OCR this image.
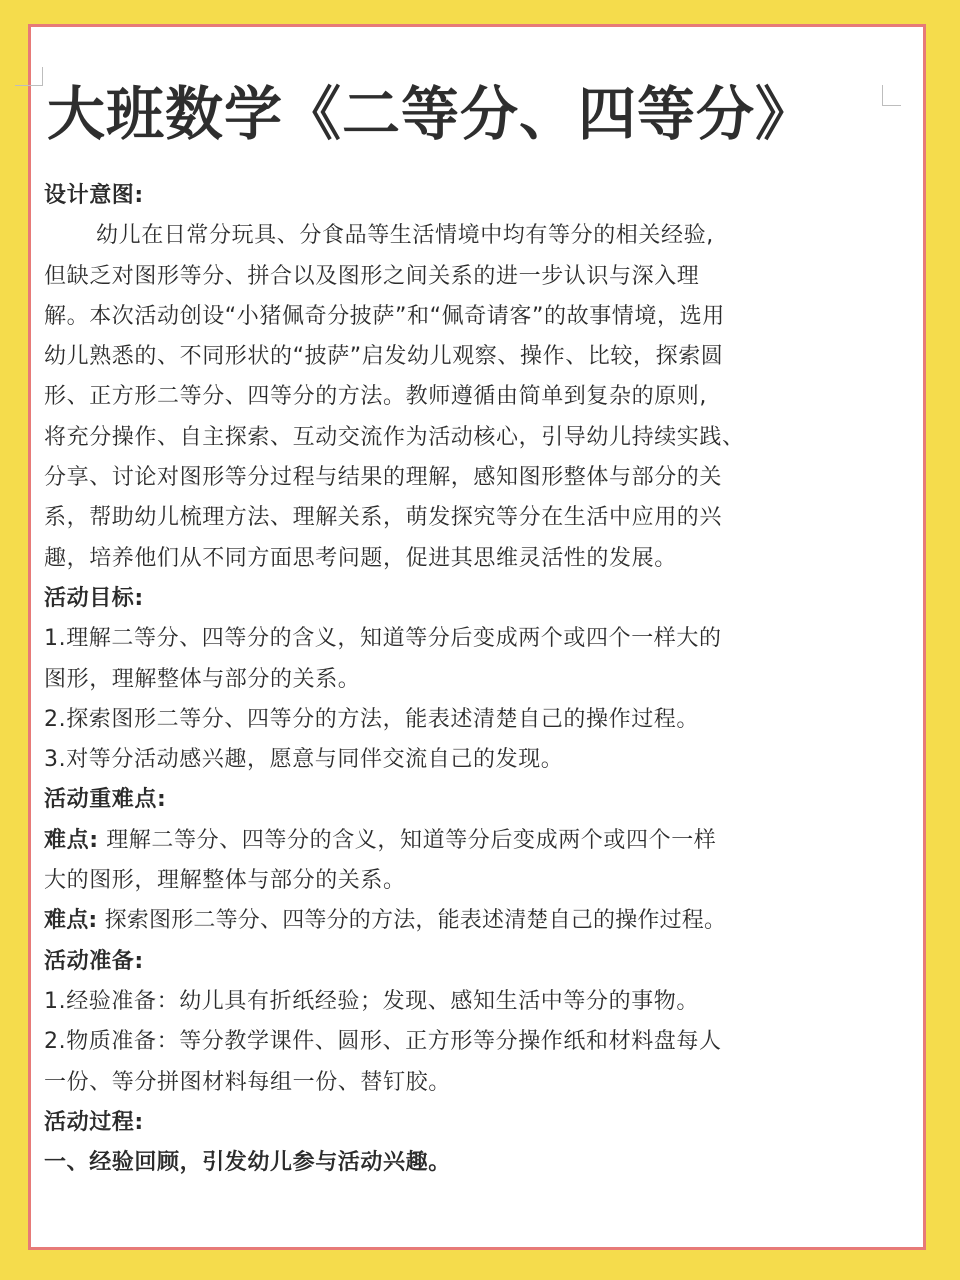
大班数学《二等分、四等分》
设计意图:
幼儿在日常分玩具、分食品等生活情境中均有等分的相关经验,
但缺乏对图形等分、拼合以及图形之间关系的进一步认识与深入理
解。本次活动创设“小猪佩奇分披萨”和“佩奇请客”的故事情境，选用
幼儿熟悉的、不同形状的“披萨”启发幼儿观察、操作、比较，探索圆
形、正方形二等分、四等分的方法。教师遵循由简单到复杂的原则,
将充分操作、自主探索、互动交流作为活动核心，引导幼儿持续实践、
分享、讨论对图形等分过程与结果的理解，感知图形整体与部分的关
系，帮助幼儿梳理方法、理解关系，萌发探究等分在生活中应用的兴
趣，培养他们从不同方面思考问题，促进其思维灵活性的发展。
活动目标:
1.理解二等分、四等分的含义，知道等分后变成两个或四个一样大的
图形，理解整体与部分的关系。
2.探索图形二等分、四等分的方法，能表述清楚自己的操作过程。
3.对等分活动感兴趣，愿意与同伴交流自己的发现。
活动重难点:
难点: 理解二等分、四等分的含义，知道等分后变成两个或四个一样
大的图形，理解整体与部分的关系。
难点: 探索图形二等分、四等分的方法，能表述清楚自己的操作过程。
活动准备:
1.经验准备：幼儿具有折纸经验；发现、感知生活中等分的事物。
2.物质准备：等分教学课件、圆形、正方形等分操作纸和材料盘每人
一份、等分拼图材料每组一份、替钉胶。
活动过程:
一、经验回顾，引发幼儿参与活动兴趣。
